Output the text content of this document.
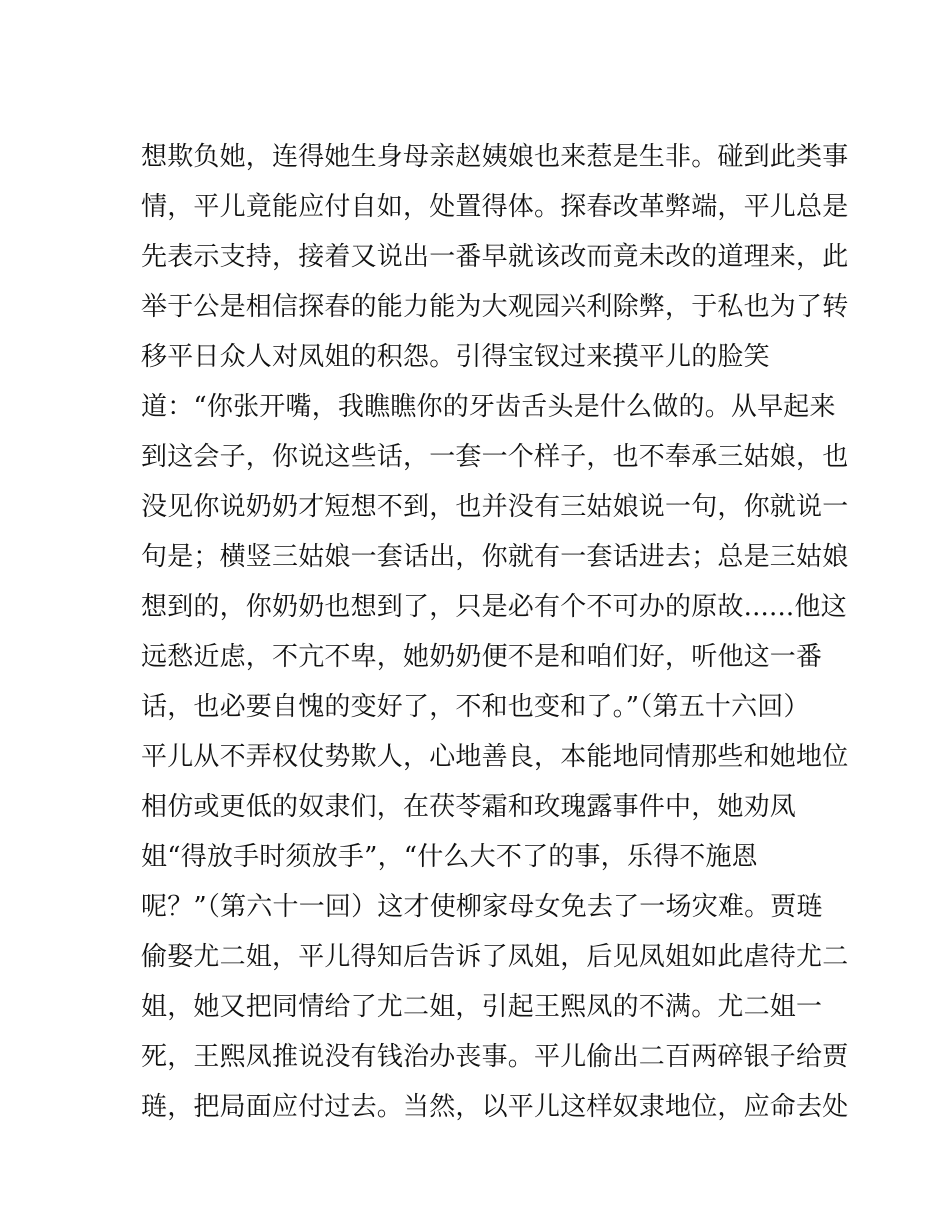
想欺负她，连得她生身母亲赵姨娘也来惹是生非。碰到此类事
情，平儿竟能应付自如，处置得体。探春改革弊端，平儿总是
先表示支持，接着又说出一番早就该改而竟未改的道理来，此
举于公是相信探春的能力能为大观园兴利除弊，于私也为了转
移平日众人对凤姐的积怨。引得宝钗过来摸平儿的脸笑
道：“你张开嘴，我瞧瞧你的牙齿舌头是什么做的。从早起来
到这会子，你说这些话，一套一个样子，也不奉承三姑娘，也
没见你说奶奶才短想不到，也并没有三姑娘说一句，你就说一
句是；横竖三姑娘一套话出，你就有一套话进去；总是三姑娘
想到的，你奶奶也想到了，只是必有个不可办的原故......他这
远愁近虑，不亢不卑，她奶奶便不是和咱们好，听他这一番
话，也必要自愧的变好了，不和也变和了。”（第五十六回）
平儿从不弄权仗势欺人，心地善良，本能地同情那些和她地位
相仿或更低的奴隶们，在茯苓霜和玫瑰露事件中，她劝凤
姐“得放手时须放手”，“什么大不了的事，乐得不施恩
呢？”（第六十一回）这才使柳家母女免去了一场灾难。贾琏
偷娶尤二姐，平儿得知后告诉了凤姐，后见凤姐如此虐待尤二
姐，她又把同情给了尤二姐，引起王熙凤的不满。尤二姐一
死，王熙凤推说没有钱治办丧事。平儿偷出二百两碎银子给贾
琏，把局面应付过去。当然，以平儿这样奴隶地位，应命去处
